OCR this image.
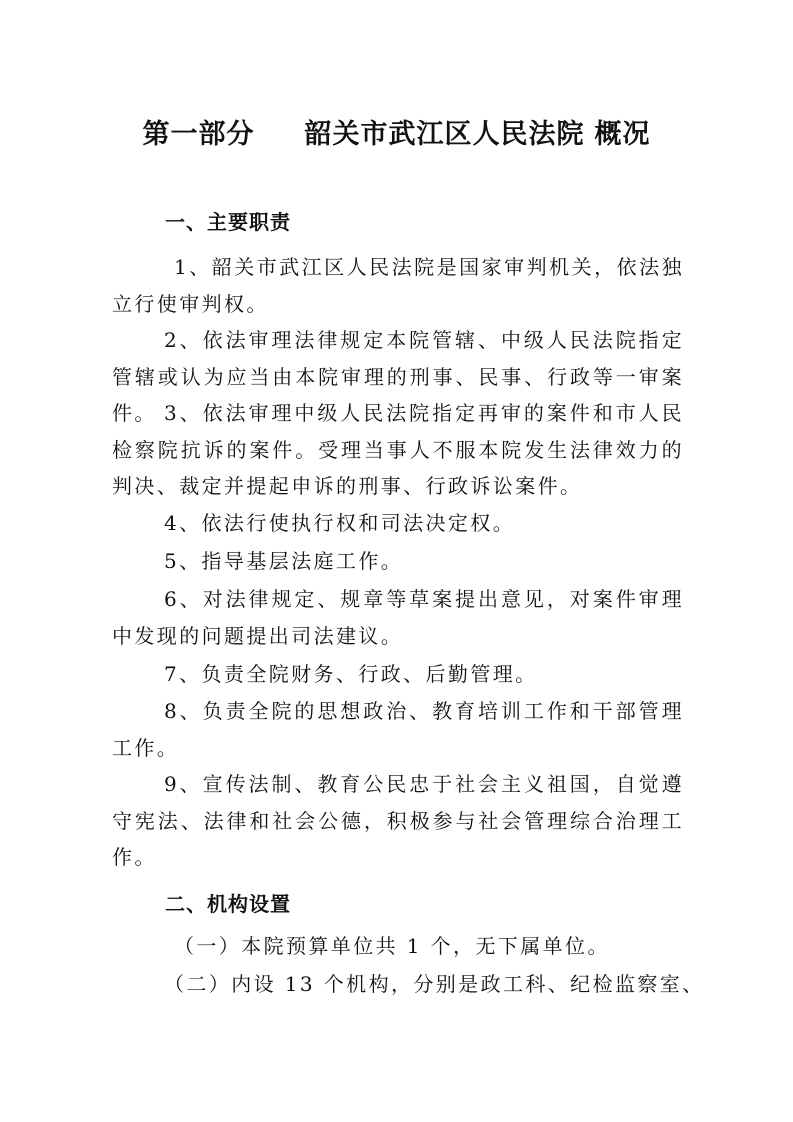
第一部分 韶关市武江区人民法院 概况
一、主要职责
1、韶关市武江区人民法院是国家审判机关，依法独立行使审判权。
2、依法审理法律规定本院管辖、中级人民法院指定管辖或认为应当由本院审理的刑事、民事、行政等一审案件。 3、依法审理中级人民法院指定再审的案件和市人民检察院抗诉的案件。受理当事人不服本院发生法律效力的判决、裁定并提起申诉的刑事、行政诉讼案件。
4、依法行使执行权和司法决定权。
5、指导基层法庭工作。
6、对法律规定、规章等草案提出意见，对案件审理中发现的问题提出司法建议。
7、负责全院财务、行政、后勤管理。
8、负责全院的思想政治、教育培训工作和干部管理工作。
9、宣传法制、教育公民忠于社会主义祖国，自觉遵守宪法、法律和社会公德，积极参与社会管理综合治理工作。
二、机构设置
（一）本院预算单位共 1 个，无下属单位。
（二）内设 13 个机构，分别是政工科、纪检监察室、
